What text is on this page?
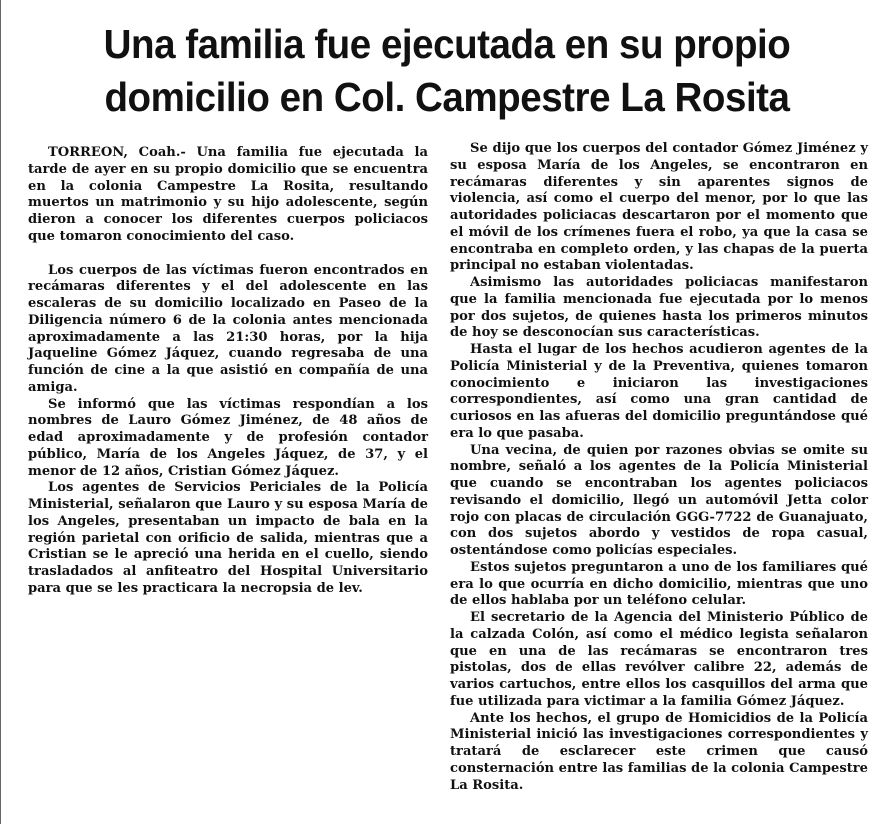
Una familia fue ejecutada en su propio
domicilio en Col. Campestre La Rosita

TORREON, Coah.- Una familia fue ejecutada la tarde de ayer en su propio domicilio que se encuentra en la colonia Campestre La Rosita, resultando muertos un matrimonio y su hijo adolescente, según dieron a conocer los diferentes cuerpos policiacos que tomaron conocimiento del caso.

Los cuerpos de las víctimas fueron encontrados en recámaras diferentes y el del adolescente en las escaleras de su domicilio localizado en Paseo de la Diligencia número 6 de la colonia antes mencionada aproximadamente a las 21:30 horas, por la hija Jaqueline Gómez Jáquez, cuando regresaba de una función de cine a la que asistió en compañía de una amiga.

Se informó que las víctimas respondían a los nombres de Lauro Gómez Jiménez, de 48 años de edad aproximadamente y de profesión contador público, María de los Angeles Jáquez, de 37, y el menor de 12 años, Cristian Gómez Jáquez.

Los agentes de Servicios Periciales de la Policía Ministerial, señalaron que Lauro y su esposa María de los Angeles, presentaban un impacto de bala en la región parietal con orificio de salida, mientras que a Cristian se le apreció una herida en el cuello, siendo trasladados al anfiteatro del Hospital Universitario para que se les practicara la necropsia de lev.

Se dijo que los cuerpos del contador Gómez Jiménez y su esposa María de los Angeles, se encontraron en recámaras diferentes y sin aparentes signos de violencia, así como el cuerpo del menor, por lo que las autoridades policiacas descartaron por el momento que el móvil de los crímenes fuera el robo, ya que la casa se encontraba en completo orden, y las chapas de la puerta principal no estaban violentadas.

Asimismo las autoridades policiacas manifestaron que la familia mencionada fue ejecutada por lo menos por dos sujetos, de quienes hasta los primeros minutos de hoy se desconocían sus características.

Hasta el lugar de los hechos acudieron agentes de la Policía Ministerial y de la Preventiva, quienes tomaron conocimiento e iniciaron las investigaciones correspondientes, así como una gran cantidad de curiosos en las afueras del domicilio preguntándose qué era lo que pasaba.

Una vecina, de quien por razones obvias se omite su nombre, señaló a los agentes de la Policía Ministerial que cuando se encontraban los agentes policiacos revisando el domicilio, llegó un automóvil Jetta color rojo con placas de circulación GGG-7722 de Guanajuato, con dos sujetos abordo y vestidos de ropa casual, ostentándose como policías especiales.

Estos sujetos preguntaron a uno de los familiares qué era lo que ocurría en dicho domicilio, mientras que uno de ellos hablaba por un teléfono celular.

El secretario de la Agencia del Ministerio Público de la calzada Colón, así como el médico legista señalaron que en una de las recámaras se encontraron tres pistolas, dos de ellas revólver calibre 22, además de varios cartuchos, entre ellos los casquillos del arma que fue utilizada para victimar a la familia Gómez Jáquez.

Ante los hechos, el grupo de Homicidios de la Policía Ministerial inició las investigaciones correspondientes y tratará de esclarecer este crimen que causó consternación entre las familias de la colonia Campestre La Rosita.
